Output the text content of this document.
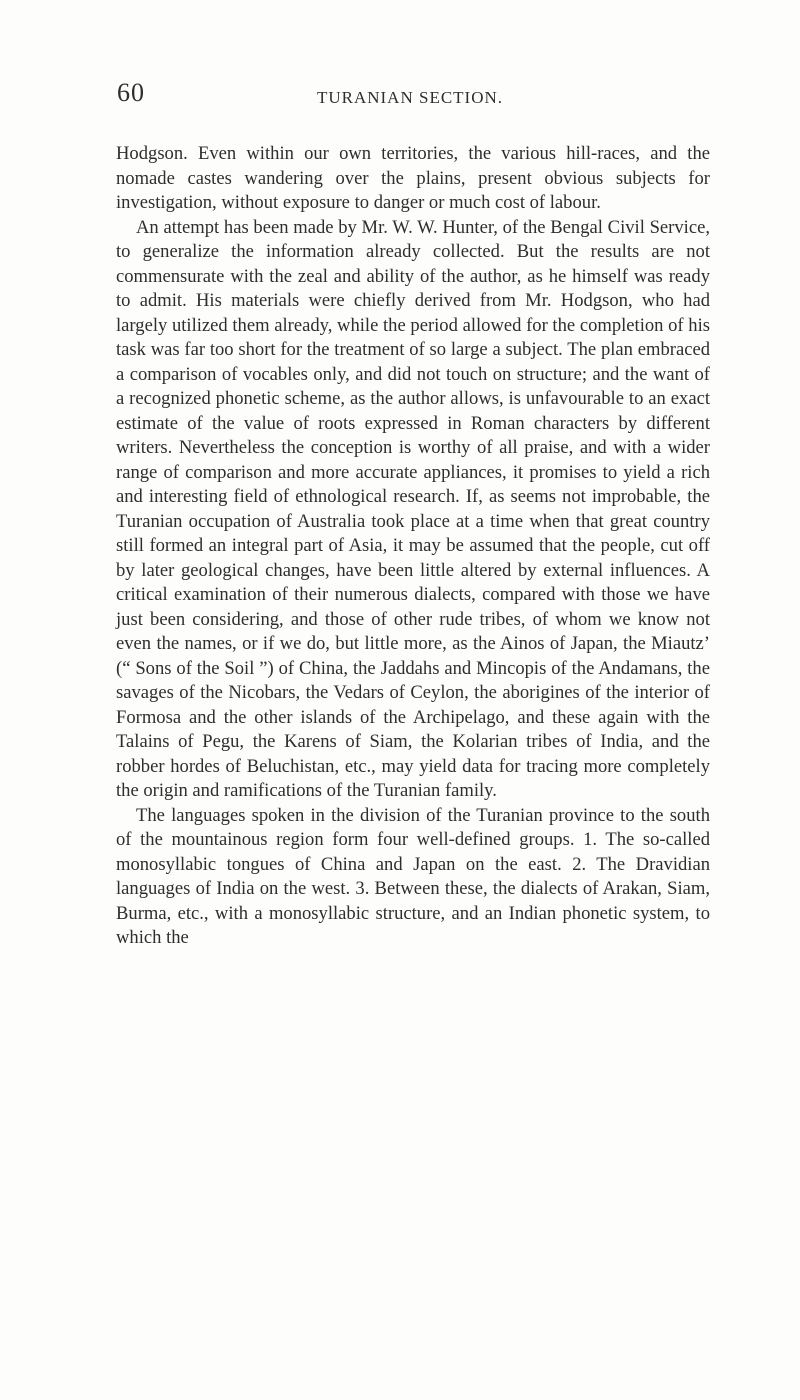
60	TURANIAN SECTION.

Hodgson. Even within our own territories, the various hill-races, and the nomade castes wandering over the plains, present obvious subjects for investigation, without exposure to danger or much cost of labour.

An attempt has been made by Mr. W. W. Hunter, of the Bengal Civil Service, to generalize the information already collected. But the results are not commensurate with the zeal and ability of the author, as he himself was ready to admit. His materials were chiefly derived from Mr. Hodgson, who had largely utilized them already, while the period allowed for the completion of his task was far too short for the treatment of so large a subject. The plan embraced a comparison of vocables only, and did not touch on structure; and the want of a recognized phonetic scheme, as the author allows, is unfavourable to an exact estimate of the value of roots expressed in Roman characters by different writers. Nevertheless the conception is worthy of all praise, and with a wider range of comparison and more accurate appliances, it promises to yield a rich and interesting field of ethnological research. If, as seems not improbable, the Turanian occupation of Australia took place at a time when that great country still formed an integral part of Asia, it may be assumed that the people, cut off by later geological changes, have been little altered by external influences. A critical examination of their numerous dialects, compared with those we have just been considering, and those of other rude tribes, of whom we know not even the names, or if we do, but little more, as the Ainos of Japan, the Miautz’ (“ Sons of the Soil ”) of China, the Jaddahs and Mincopis of the Andamans, the savages of the Nicobars, the Vedars of Ceylon, the aborigines of the interior of Formosa and the other islands of the Archipelago, and these again with the Talains of Pegu, the Karens of Siam, the Kolarian tribes of India, and the robber hordes of Beluchistan, etc., may yield data for tracing more completely the origin and ramifications of the Turanian family.

The languages spoken in the division of the Turanian province to the south of the mountainous region form four well-defined groups. 1. The so-called monosyllabic tongues of China and Japan on the east. 2. The Dravidian languages of India on the west. 3. Between these, the dialects of Arakan, Siam, Burma, etc., with a monosyllabic structure, and an Indian phonetic system, to which the
